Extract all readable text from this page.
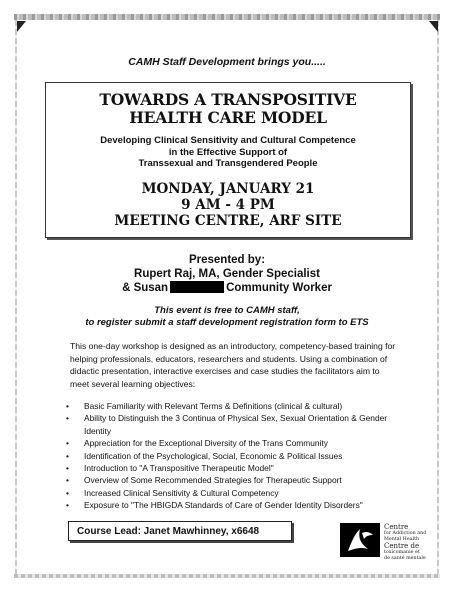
CAMH Staff Development brings you.....
TOWARDS A TRANSPOSITIVE
HEALTH CARE MODEL
Developing Clinical Sensitivity and Cultural Competence
in the Effective Support of
Transsexual and Transgendered People
MONDAY, JANUARY 21
9 AM - 4 PM
MEETING CENTRE, ARF SITE
Presented by:
Rupert Raj, MA, Gender Specialist
& Susan	Community Worker
This event is free to CAMH staff,
to register submit a staff development registration form to ETS
This one-day workshop is designed as an introductory, competency-based training for helping professionals, educators, researchers and students. Using a combination of didactic presentation, interactive exercises and case studies the facilitators aim to meet several learning objectives:
• Basic Familiarity with Relevant Terms & Definitions (clinical & cultural)
• Ability to Distinguish the 3 Continua of Physical Sex, Sexual Orientation & Gender Identity
• Appreciation for the Exceptional Diversity of the Trans Community
• Identification of the Psychological, Social, Economic & Political Issues
• Introduction to "A Transpositive Therapeutic Model"
• Overview of Some Recommended Strategies for Therapeutic Support
• Increased Clinical Sensitivity & Cultural Competency
• Exposure to "The HBIGDA Standards of Care of Gender Identity Disorders"
Course Lead: Janet Mawhinney, x6648	Centre
for Addiction and
Mental Health
Centre de
toxicomanie et
de santé mentale
